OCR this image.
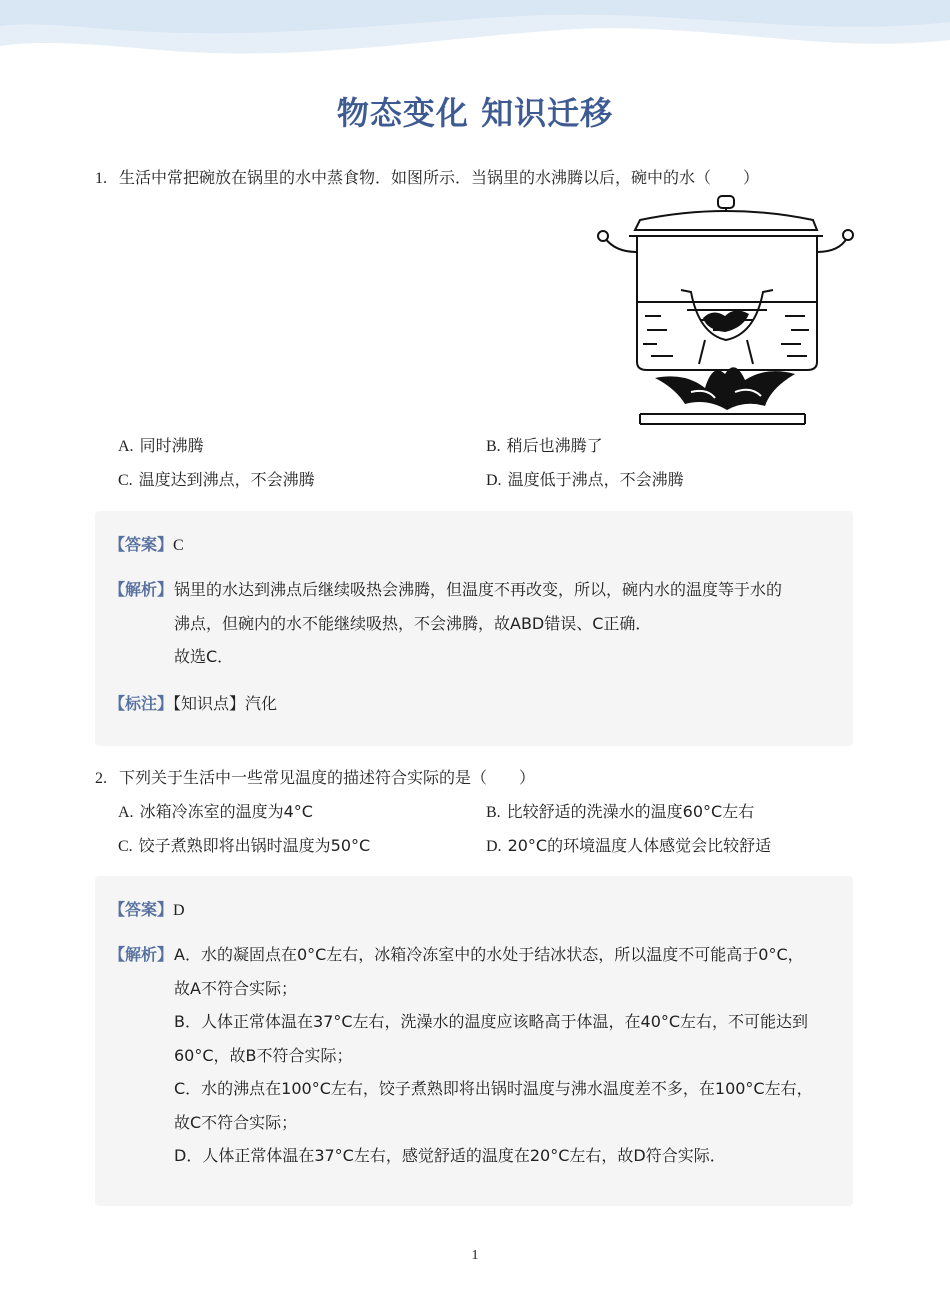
物态变化 知识迁移
1. 生活中常把碗放在锅里的水中蒸食物．如图所示．当锅里的水沸腾以后，碗中的水（　　）
A. 同时沸腾	B. 稍后也沸腾了
C. 温度达到沸点，不会沸腾	D. 温度低于沸点，不会沸腾
【答案】C
【解析】 锅里的水达到沸点后继续吸热会沸腾，但温度不再改变，所以，碗内水的温度等于水的
沸点，但碗内的水不能继续吸热，不会沸腾，故ABD错误、C正确．
故选C．
【标注】【知识点】汽化
2. 下列关于生活中一些常见温度的描述符合实际的是（　　）
A. 冰箱冷冻室的温度为4°C	B. 比较舒适的洗澡水的温度60°C左右
C. 饺子煮熟即将出锅时温度为50°C	D. 20°C的环境温度人体感觉会比较舒适
【答案】D
【解析】 A．水的凝固点在0°C左右，冰箱冷冻室中的水处于结冰状态，所以温度不可能高于0°C，
故A不符合实际；
B．人体正常体温在37°C左右，洗澡水的温度应该略高于体温，在40°C左右，不可能达到
60°C，故B不符合实际；
C．水的沸点在100°C左右，饺子煮熟即将出锅时温度与沸水温度差不多，在100°C左右，
故C不符合实际；
D．人体正常体温在37°C左右，感觉舒适的温度在20°C左右，故D符合实际．
1
